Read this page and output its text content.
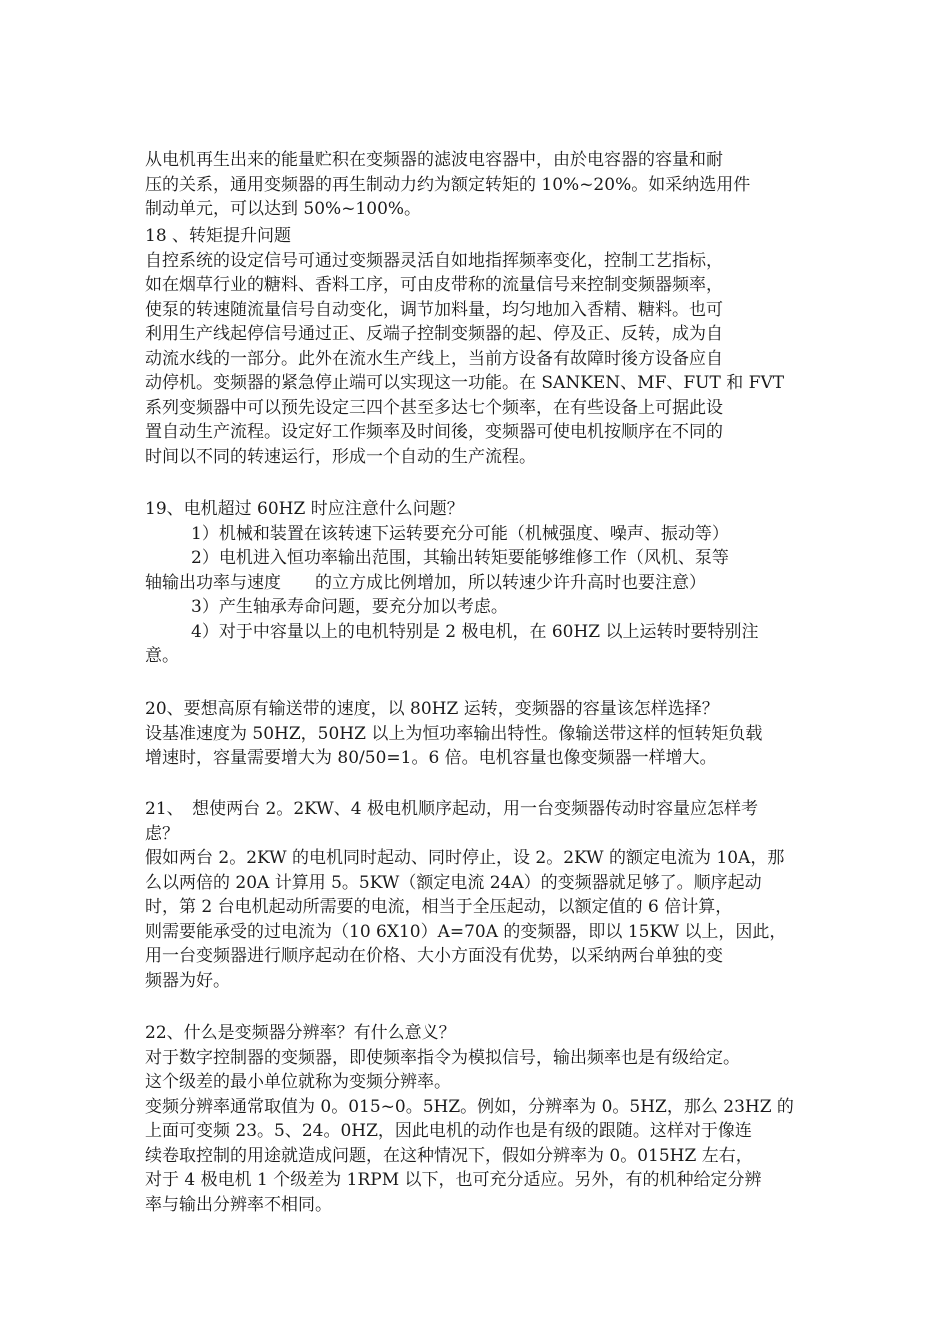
从电机再生出来的能量贮积在变频器的滤波电容器中，由於电容器的容量和耐
压的关系，通用变频器的再生制动力约为额定转矩的 10%~20%。如采纳选用件
制动单元，可以达到 50%~100%。
18 、转矩提升问题
自控系统的设定信号可通过变频器灵活自如地指挥频率变化，控制工艺指标，
如在烟草行业的糖料、香料工序，可由皮带称的流量信号来控制变频器频率，
使泵的转速随流量信号自动变化，调节加料量，均匀地加入香精、糖料。也可
利用生产线起停信号通过正、反端子控制变频器的起、停及正、反转，成为自
动流水线的一部分。此外在流水生产线上，当前方设备有故障时後方设备应自
动停机。变频器的紧急停止端可以实现这一功能。在 SANKEN、MF、FUT 和 FVT
系列变频器中可以预先设定三四个甚至多达七个频率，在有些设备上可据此设
置自动生产流程。设定好工作频率及时间後，变频器可使电机按顺序在不同的
时间以不同的转速运行，形成一个自动的生产流程。
19、电机超过 60HZ 时应注意什么问题？
1）机械和装置在该转速下运转要充分可能（机械强度、噪声、振动等）
2）电机进入恒功率输出范围，其输出转矩要能够维修工作（风机、泵等
轴输出功率与速度　　的立方成比例增加，所以转速少许升高时也要注意）
3）产生轴承寿命问题，要充分加以考虑。
4）对于中容量以上的电机特别是 2 极电机，在 60HZ 以上运转时要特别注
意。
20、要想高原有输送带的速度，以 80HZ 运转，变频器的容量该怎样选择？
设基准速度为 50HZ，50HZ 以上为恒功率输出特性。像输送带这样的恒转矩负载
增速时，容量需要增大为 80/50=1。6 倍。电机容量也像变频器一样增大。
21、　想使两台 2。2KW、4 极电机顺序起动，用一台变频器传动时容量应怎样考
虑？
假如两台 2。2KW 的电机同时起动、同时停止，设 2。2KW 的额定电流为 10A，那
么以两倍的 20A 计算用 5。5KW（额定电流 24A）的变频器就足够了。顺序起动
时，第 2 台电机起动所需要的电流，相当于全压起动，以额定值的 6 倍计算，
则需要能承受的过电流为（10 6X10）A=70A 的变频器，即以 15KW 以上，因此，
用一台变频器进行顺序起动在价格、大小方面没有优势，以采纳两台单独的变
频器为好。
22、什么是变频器分辨率？有什么意义？
对于数字控制器的变频器，即使频率指令为模拟信号，输出频率也是有级给定。
这个级差的最小单位就称为变频分辨率。
变频分辨率通常取值为 0。015~0。5HZ。例如，分辨率为 0。5HZ，那么 23HZ 的
上面可变频 23。5、24。0HZ，因此电机的动作也是有级的跟随。这样对于像连
续卷取控制的用途就造成问题，在这种情况下，假如分辨率为 0。015HZ 左右，
对于 4 极电机 1 个级差为 1RPM 以下，也可充分适应。另外，有的机种给定分辨
率与输出分辨率不相同。
